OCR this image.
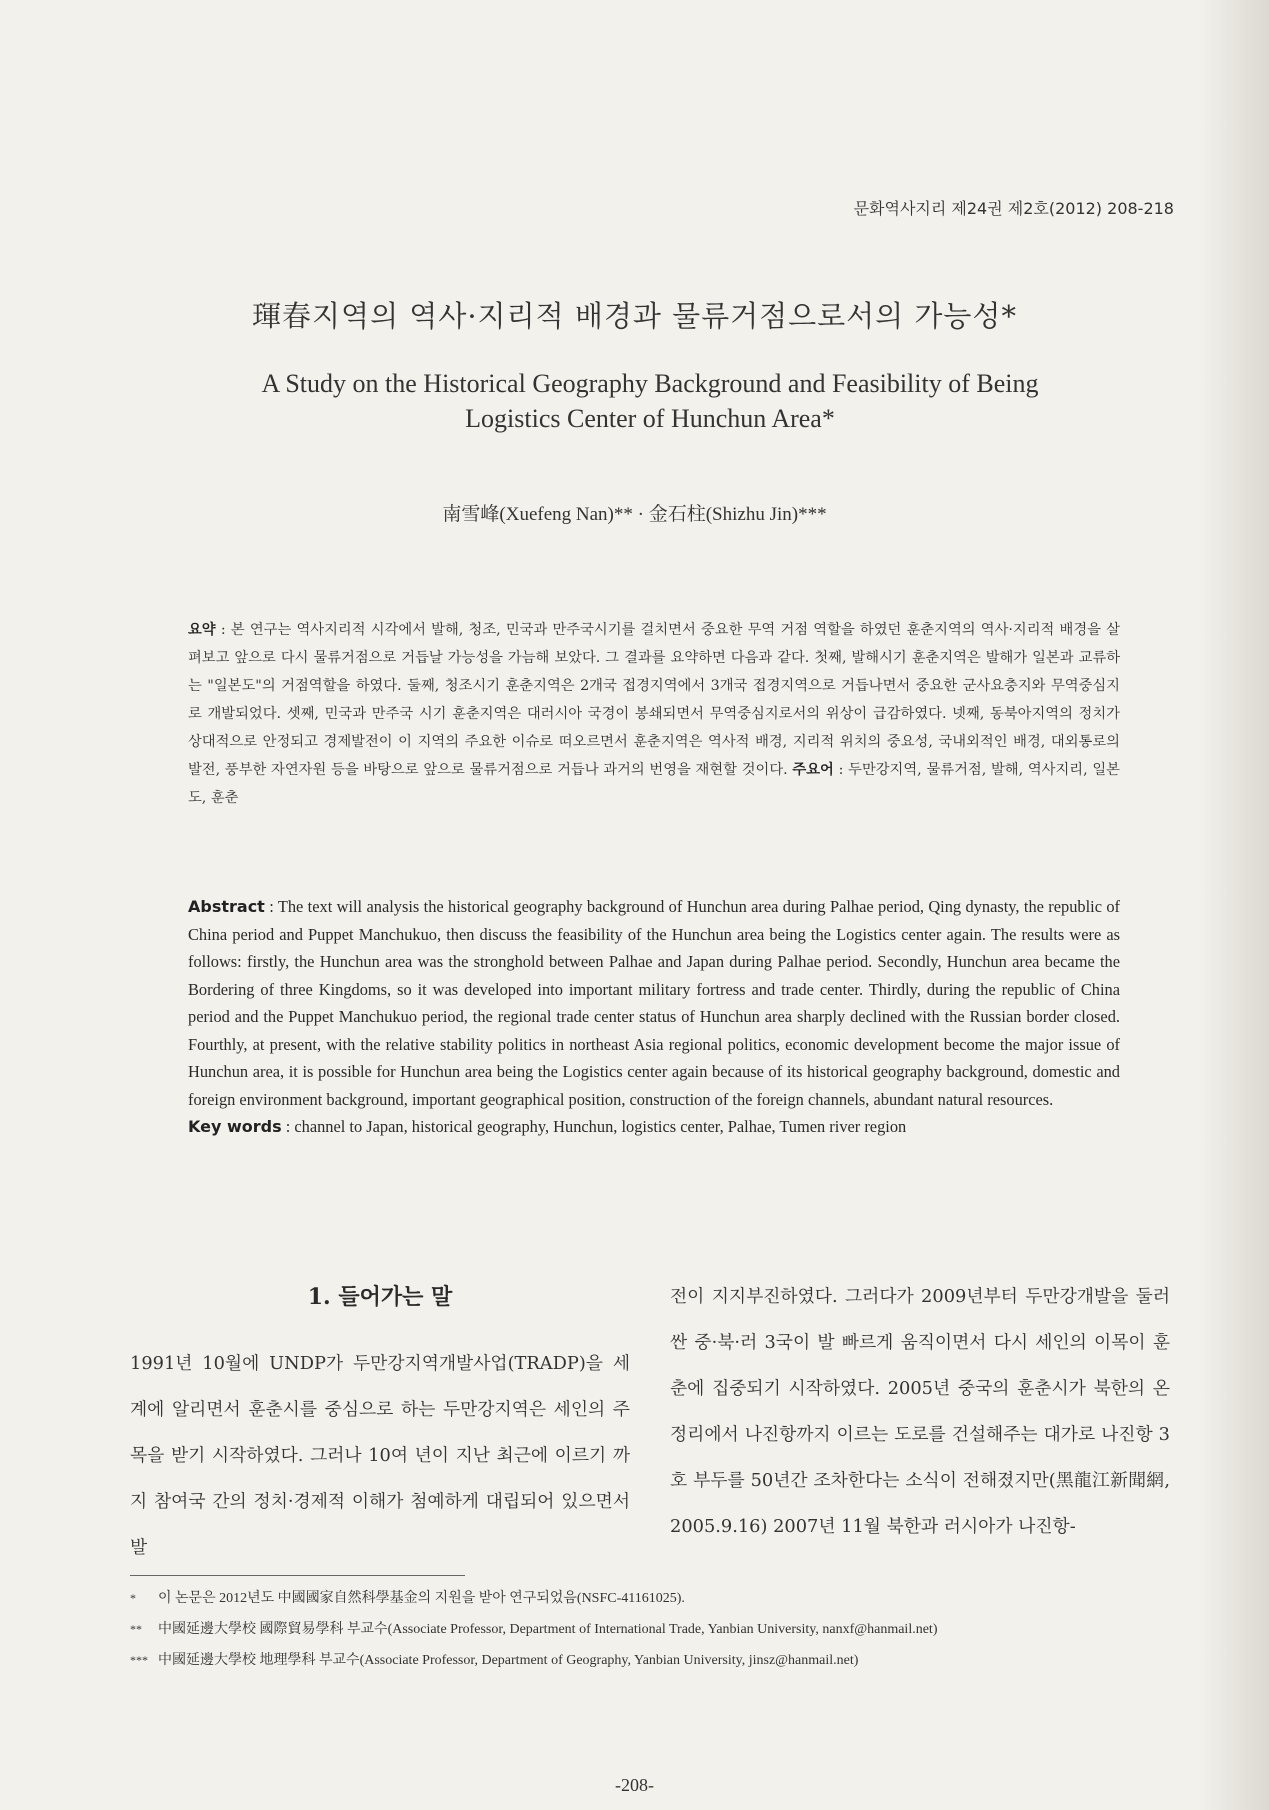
문화역사지리 제24권 제2호(2012) 208-218
琿春지역의 역사·지리적 배경과 물류거점으로서의 가능성*
A Study on the Historical Geography Background and Feasibility of Being Logistics Center of Hunchun Area*
南雪峰(Xuefeng Nan)** · 金石柱(Shizhu Jin)***
요약 : 본 연구는 역사지리적 시각에서 발해, 청조, 민국과 만주국시기를 걸치면서 중요한 무역 거점 역할을 하였던 훈춘지역의 역사·지리적 배경을 살펴보고 앞으로 다시 물류거점으로 거듭날 가능성을 가늠해 보았다. 그 결과를 요약하면 다음과 같다. 첫째, 발해시기 훈춘지역은 발해가 일본과 교류하는 "일본도"의 거점역할을 하였다. 둘째, 청조시기 훈춘지역은 2개국 접경지역에서 3개국 접경지역으로 거듭나면서 중요한 군사요충지와 무역중심지로 개발되었다. 셋째, 민국과 만주국 시기 훈춘지역은 대러시아 국경이 봉쇄되면서 무역중심지로서의 위상이 급감하였다. 넷째, 동북아지역의 정치가 상대적으로 안정되고 경제발전이 이 지역의 주요한 이슈로 떠오르면서 훈춘지역은 역사적 배경, 지리적 위치의 중요성, 국내외적인 배경, 대외통로의 발전, 풍부한 자연자원 등을 바탕으로 앞으로 물류거점으로 거듭나 과거의 번영을 재현할 것이다. 주요어 : 두만강지역, 물류거점, 발해, 역사지리, 일본도, 훈춘
Abstract : The text will analysis the historical geography background of Hunchun area during Palhae period, Qing dynasty, the republic of China period and Puppet Manchukuo, then discuss the feasibility of the Hunchun area being the Logistics center again. The results were as follows: firstly, the Hunchun area was the stronghold between Palhae and Japan during Palhae period. Secondly, Hunchun area became the Bordering of three Kingdoms, so it was developed into important military fortress and trade center. Thirdly, during the republic of China period and the Puppet Manchukuo period, the regional trade center status of Hunchun area sharply declined with the Russian border closed. Fourthly, at present, with the relative stability politics in northeast Asia regional politics, economic development become the major issue of Hunchun area, it is possible for Hunchun area being the Logistics center again because of its historical geography background, domestic and foreign environment background, important geographical position, construction of the foreign channels, abundant natural resources.
Key words : channel to Japan, historical geography, Hunchun, logistics center, Palhae, Tumen river region
1. 들어가는 말

1991년 10월에 UNDP가 두만강지역개발사업(TRADP)을 세계에 알리면서 훈춘시를 중심으로 하는 두만강지역은 세인의 주목을 받기 시작하였다. 그러나 10여 년이 지난 최근에 이르기 까지 참여국 간의 정치·경제적 이해가 첨예하게 대립되어 있으면서 발

전이 지지부진하였다. 그러다가 2009년부터 두만강개발을 둘러싼 중·북·러 3국이 발 빠르게 움직이면서 다시 세인의 이목이 훈춘에 집중되기 시작하였다. 2005년 중국의 훈춘시가 북한의 온정리에서 나진항까지 이르는 도로를 건설해주는 대가로 나진항 3호 부두를 50년간 조차한다는 소식이 전해졌지만(黑龍江新聞網, 2005.9.16) 2007년 11월 북한과 러시아가 나진항-

* 이 논문은 2012년도 中國國家自然科學基金의 지원을 받아 연구되었음(NSFC-41161025).
** 中國延邊大學校 國際貿易學科 부교수(Associate Professor, Department of International Trade, Yanbian University, nanxf@hanmail.net)
*** 中國延邊大學校 地理學科 부교수(Associate Professor, Department of Geography, Yanbian University, jinsz@hanmail.net)
-208-
